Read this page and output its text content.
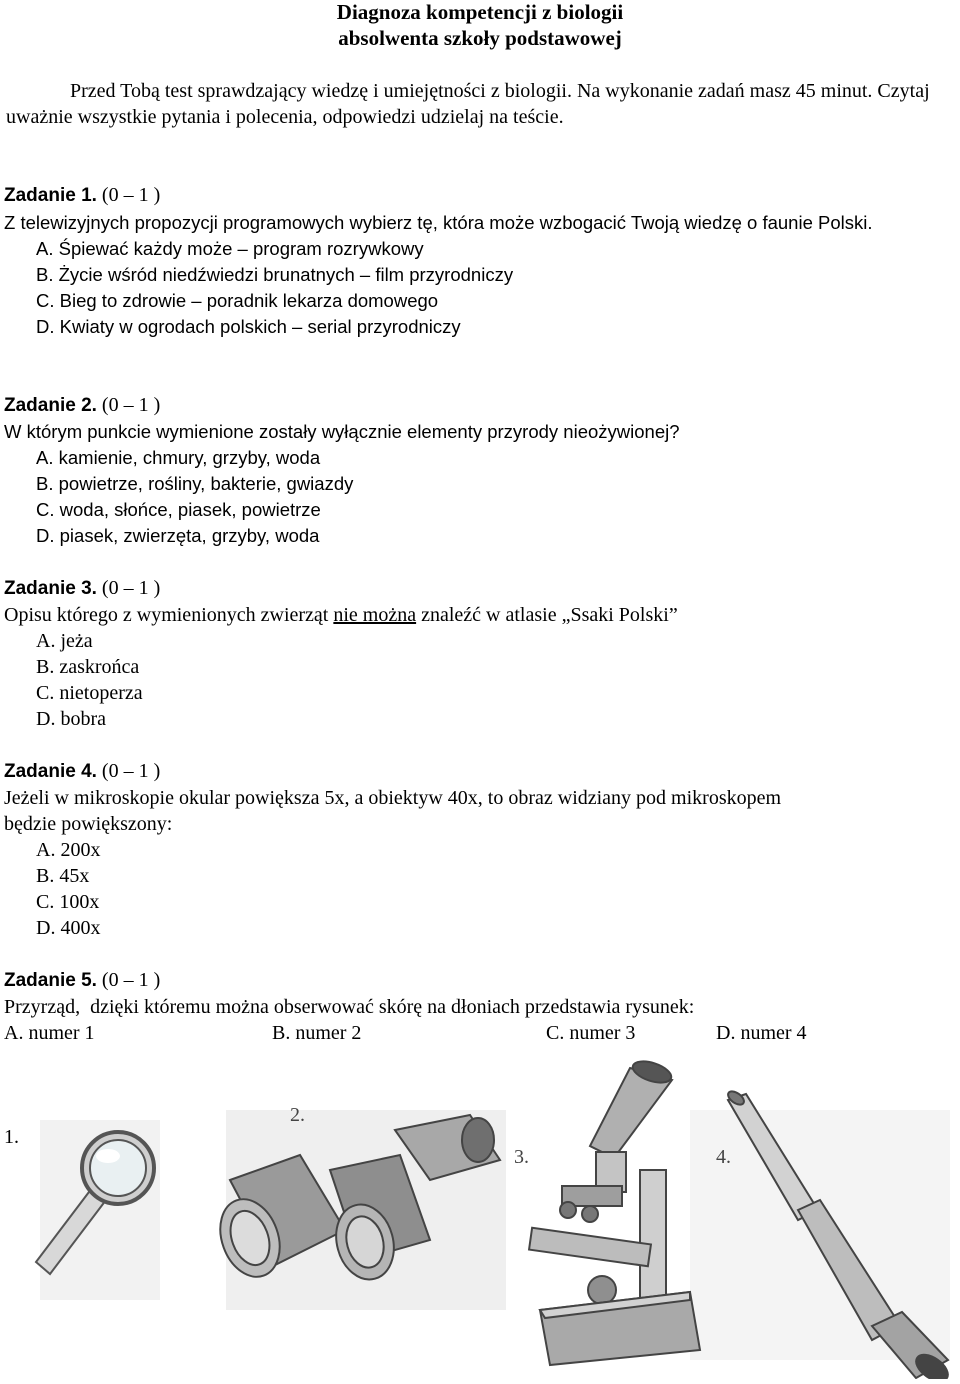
Diagnoza kompetencji z biologii
absolwenta szkoły podstawowej
Przed Tobą test sprawdzający wiedzę i umiejętności z biologii. Na wykonanie zadań masz 45 minut. Czytaj uważnie wszystkie pytania i polecenia, odpowiedzi udzielaj na teście.
Zadanie 1. (0 – 1 )
Z telewizyjnych propozycji programowych wybierz tę, która może wzbogacić Twoją wiedzę o faunie Polski.
A. Śpiewać każdy może – program rozrywkowy
B. Życie wśród niedźwiedzi brunatnych – film przyrodniczy
C. Bieg to zdrowie – poradnik lekarza domowego
D. Kwiaty w ogrodach polskich – serial przyrodniczy
Zadanie 2. (0 – 1 )
W którym punkcie wymienione zostały wyłącznie elementy przyrody nieożywionej?
A. kamienie, chmury, grzyby, woda
B. powietrze, rośliny, bakterie, gwiazdy
C. woda, słońce, piasek, powietrze
D. piasek, zwierzęta, grzyby, woda
Zadanie 3. (0 – 1 )
Opisu którego z wymienionych zwierząt nie można znaleźć w atlasie „Ssaki Polski”
A. jeża
B. zaskrońca
C. nietoperza
D. bobra
Zadanie 4. (0 – 1 )
Jeżeli w mikroskopie okular powiększa 5x, a obiektyw 40x, to obraz widziany pod mikroskopem będzie powiększony:
A. 200x
B. 45x
C. 100x
D. 400x
Zadanie 5. (0 – 1 )
Przyrząd,  dzięki któremu można obserwować skórę na dłoniach przedstawia rysunek:
A. numer 1	B. numer 2	C. numer 3	D. numer 4
1.
2.
3.	4.
